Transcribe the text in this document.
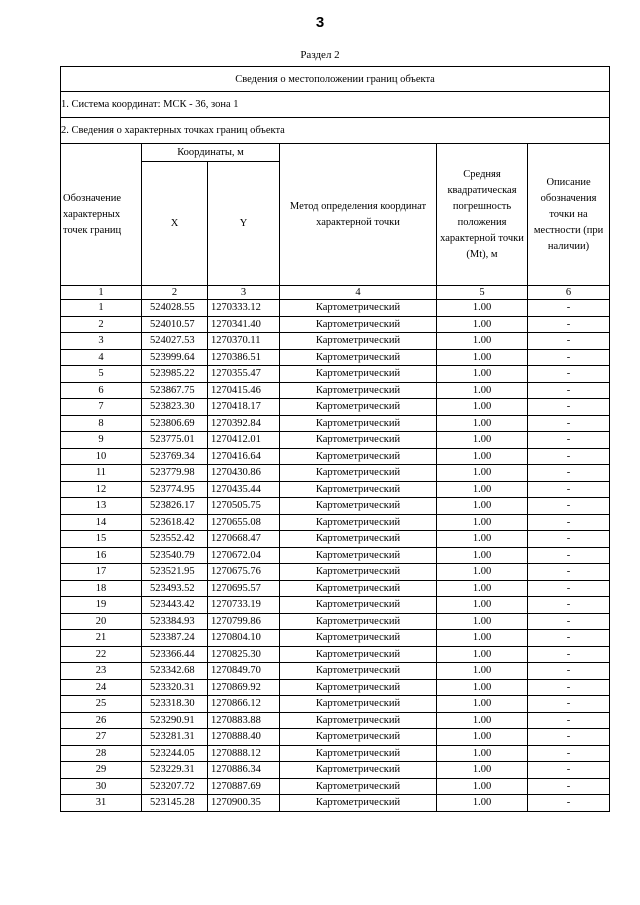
3
Раздел 2
Сведения о местоположении границ объекта					
1. Система координат: МСК - 36, зона 1					
2. Сведения о характерных точках границ объекта					
Обозначение характерных точек границ	Координаты, м		Метод определения координат характерной точки	Средняя квадратическая погрешность положения характерной точки (Mt), м	Описание обозначения точки на местности (при наличии)
	X	Y			
1	2	3	4	5	6
1	524028.55	1270333.12	Картометрический	1.00	-
2	524010.57	1270341.40	Картометрический	1.00	-
3	524027.53	1270370.11	Картометрический	1.00	-
4	523999.64	1270386.51	Картометрический	1.00	-
5	523985.22	1270355.47	Картометрический	1.00	-
6	523867.75	1270415.46	Картометрический	1.00	-
7	523823.30	1270418.17	Картометрический	1.00	-
8	523806.69	1270392.84	Картометрический	1.00	-
9	523775.01	1270412.01	Картометрический	1.00	-
10	523769.34	1270416.64	Картометрический	1.00	-
11	523779.98	1270430.86	Картометрический	1.00	-
12	523774.95	1270435.44	Картометрический	1.00	-
13	523826.17	1270505.75	Картометрический	1.00	-
14	523618.42	1270655.08	Картометрический	1.00	-
15	523552.42	1270668.47	Картометрический	1.00	-
16	523540.79	1270672.04	Картометрический	1.00	-
17	523521.95	1270675.76	Картометрический	1.00	-
18	523493.52	1270695.57	Картометрический	1.00	-
19	523443.42	1270733.19	Картометрический	1.00	-
20	523384.93	1270799.86	Картометрический	1.00	-
21	523387.24	1270804.10	Картометрический	1.00	-
22	523366.44	1270825.30	Картометрический	1.00	-
23	523342.68	1270849.70	Картометрический	1.00	-
24	523320.31	1270869.92	Картометрический	1.00	-
25	523318.30	1270866.12	Картометрический	1.00	-
26	523290.91	1270883.88	Картометрический	1.00	-
27	523281.31	1270888.40	Картометрический	1.00	-
28	523244.05	1270888.12	Картометрический	1.00	-
29	523229.31	1270886.34	Картометрический	1.00	-
30	523207.72	1270887.69	Картометрический	1.00	-
31	523145.28	1270900.35	Картометрический	1.00	-
